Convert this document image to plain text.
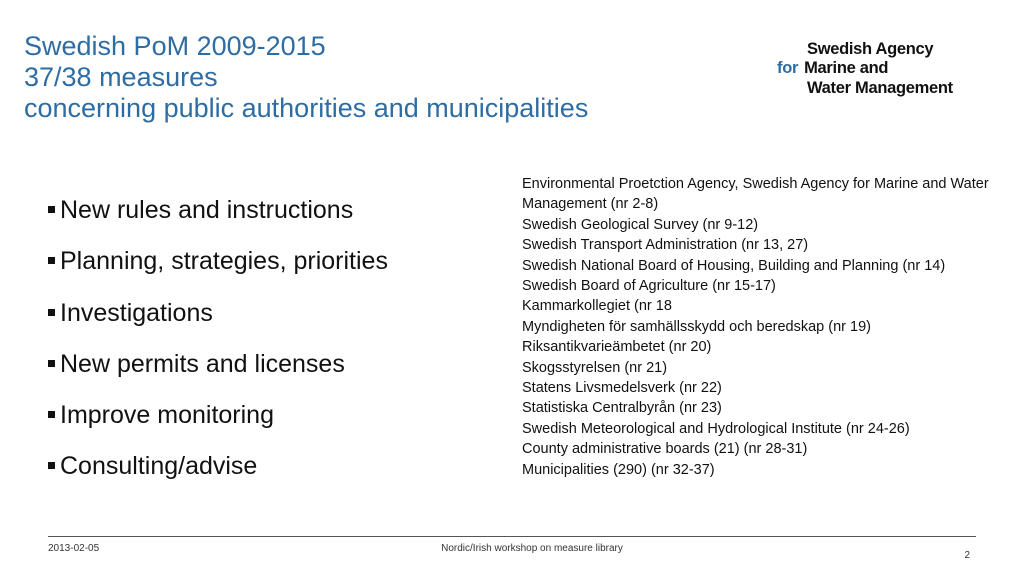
Swedish PoM 2009-2015
37/38 measures
concerning public authorities and municipalities
Swedish Agency
for Marine and
Water Management
New rules and instructions
Planning, strategies, priorities
Investigations
New permits and licenses
Improve monitoring
Consulting/advise
Environmental Proetction Agency, Swedish Agency for Marine and Water Management (nr 2-8)
Swedish Geological Survey (nr 9-12)
Swedish Transport Administration (nr 13, 27)
Swedish National Board of Housing, Building and Planning (nr 14)
Swedish Board of Agriculture (nr 15-17)
Kammarkollegiet (nr 18
Myndigheten för samhällsskydd och beredskap (nr 19)
Riksantikvarieämbetet (nr 20)
Skogsstyrelsen (nr 21)
Statens Livsmedelsverk (nr 22)
Statistiska Centralbyrån (nr 23)
Swedish Meteorological and Hydrological Institute (nr 24-26)
County administrative boards (21) (nr 28-31)
Municipalities (290) (nr 32-37)
2013-02-05	Nordic/Irish workshop on measure library
2
